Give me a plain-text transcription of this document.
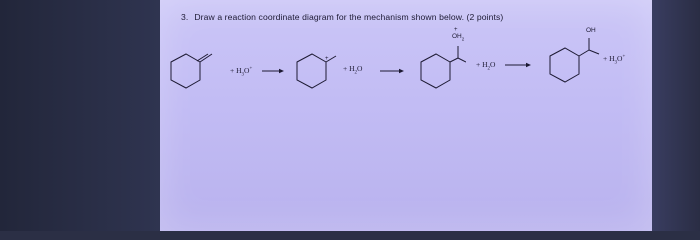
3. Draw a reaction coordinate diagram for the mechanism shown below. (2 points)
+ $H_3O^+$ →
+
+ $H_2O$ →
+
$OH_2$
+ $H_2O$ →
OH
+ $H_3O^+$
